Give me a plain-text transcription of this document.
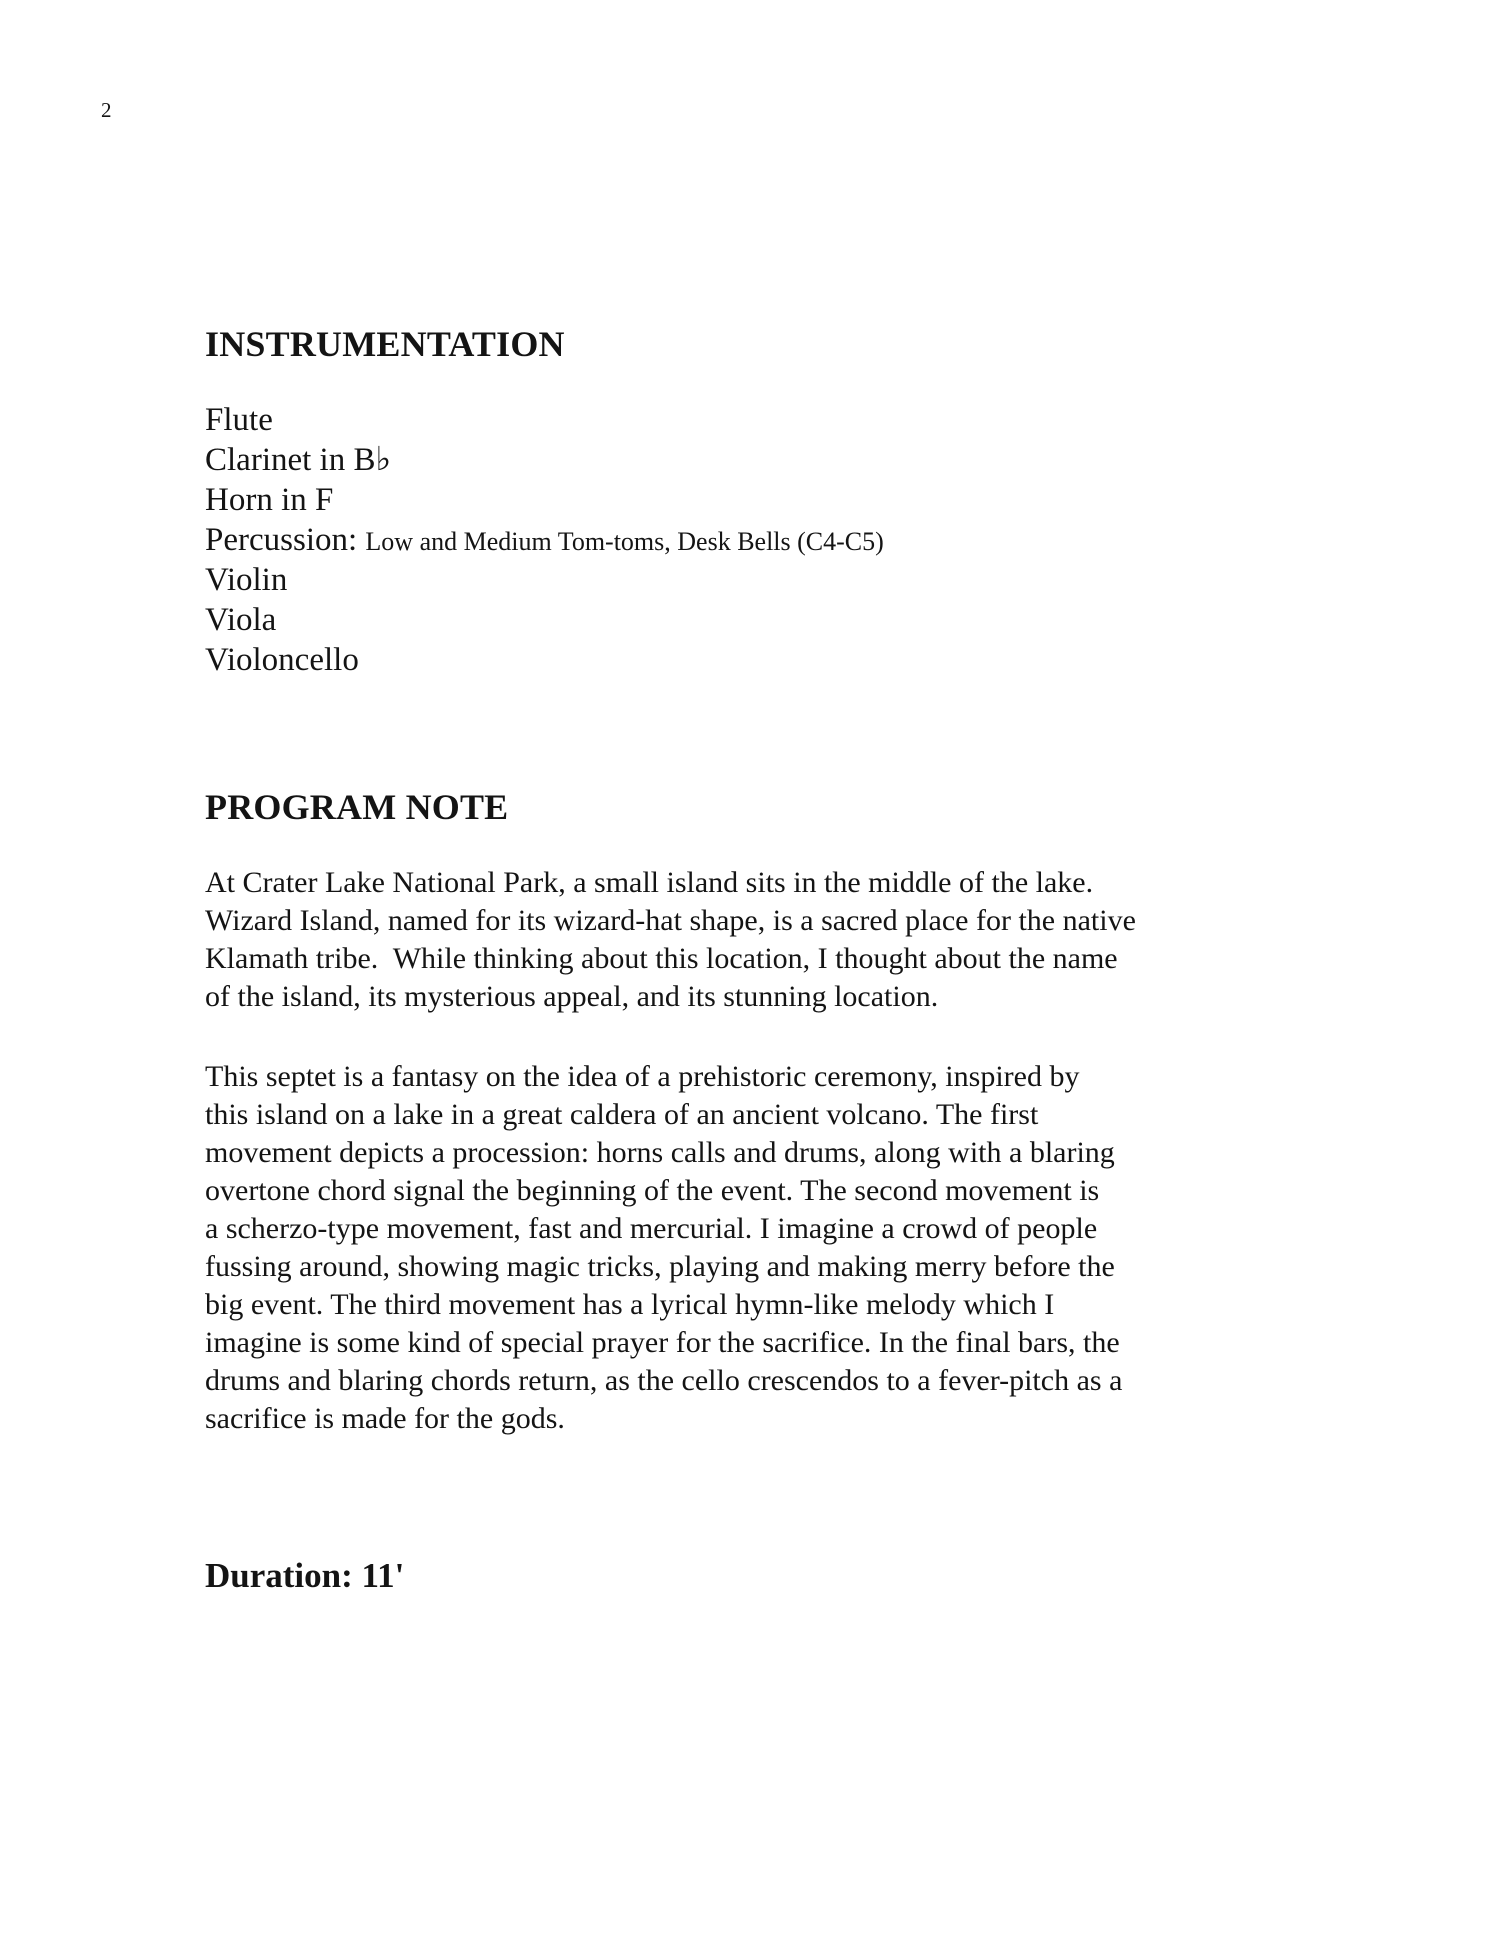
2
INSTRUMENTATION
Flute
Clarinet in B♭
Horn in F
Percussion: Low and Medium Tom-toms, Desk Bells (C4-C5)
Violin
Viola
Violoncello
PROGRAM NOTE
At Crater Lake National Park, a small island sits in the middle of the lake.
Wizard Island, named for its wizard-hat shape, is a sacred place for the native
Klamath tribe.  While thinking about this location, I thought about the name
of the island, its mysterious appeal, and its stunning location.
This septet is a fantasy on the idea of a prehistoric ceremony, inspired by
this island on a lake in a great caldera of an ancient volcano. The first
movement depicts a procession: horns calls and drums, along with a blaring
overtone chord signal the beginning of the event. The second movement is
a scherzo-type movement, fast and mercurial. I imagine a crowd of people
fussing around, showing magic tricks, playing and making merry before the
big event. The third movement has a lyrical hymn-like melody which I
imagine is some kind of special prayer for the sacrifice. In the final bars, the
drums and blaring chords return, as the cello crescendos to a fever-pitch as a
sacrifice is made for the gods.
Duration: 11'
